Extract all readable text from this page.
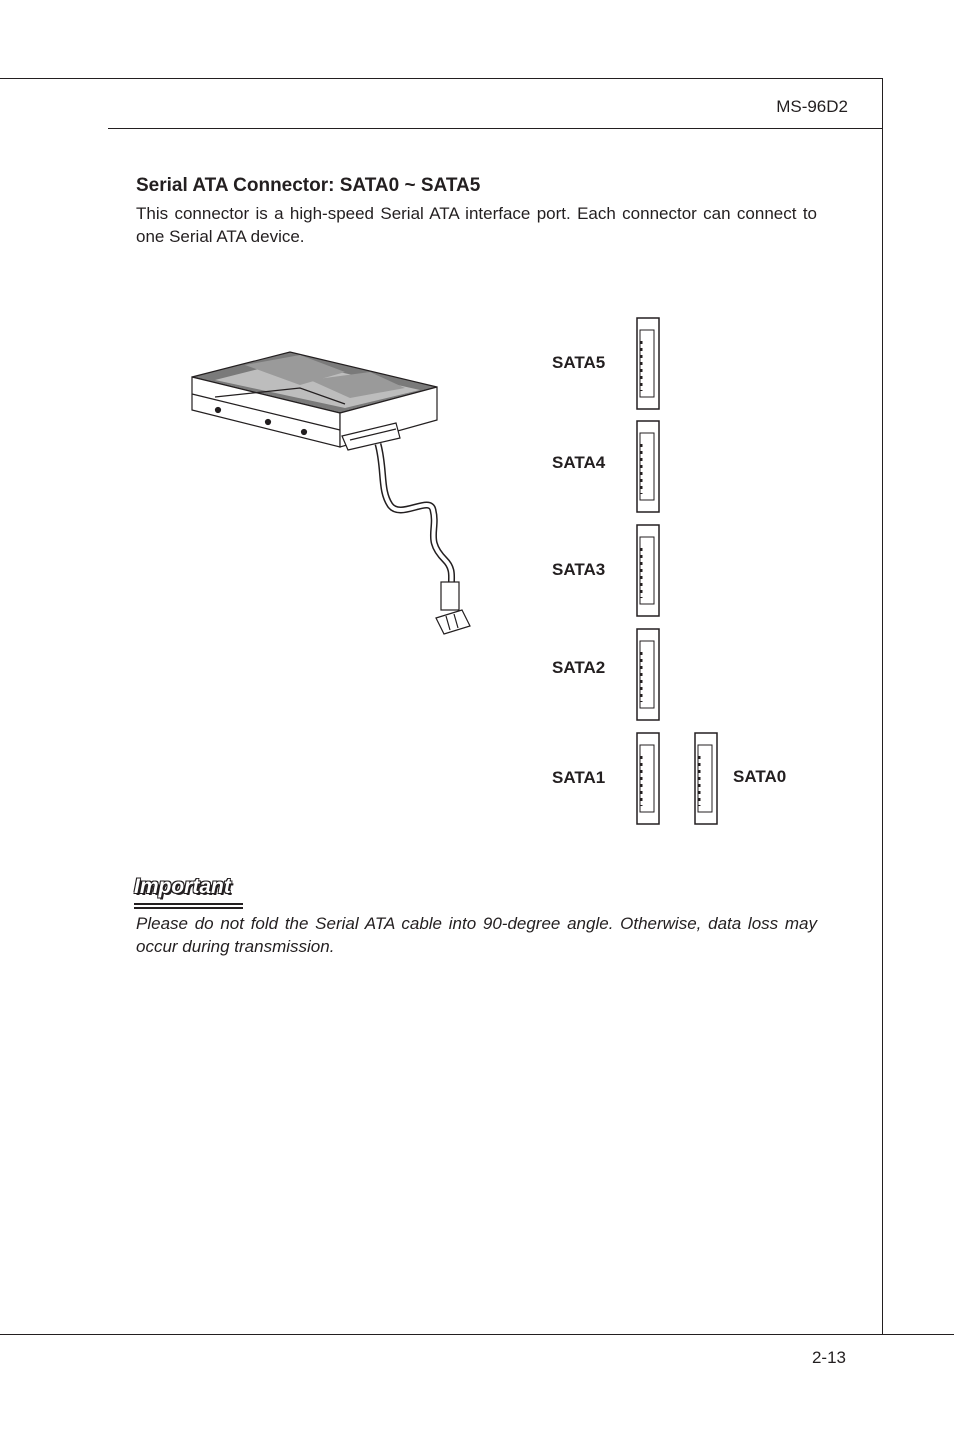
MS-96D2
Serial ATA Connector: SATA0 ~ SATA5

This connector is a high-speed Serial ATA interface port. Each connector can connect to one Serial ATA device.

SATA5
SATA4
SATA3
SATA2
SATA1	SATA0
Important

Please do not fold the Serial ATA cable into 90-degree angle. Otherwise, data loss may occur during transmission.

2-13
